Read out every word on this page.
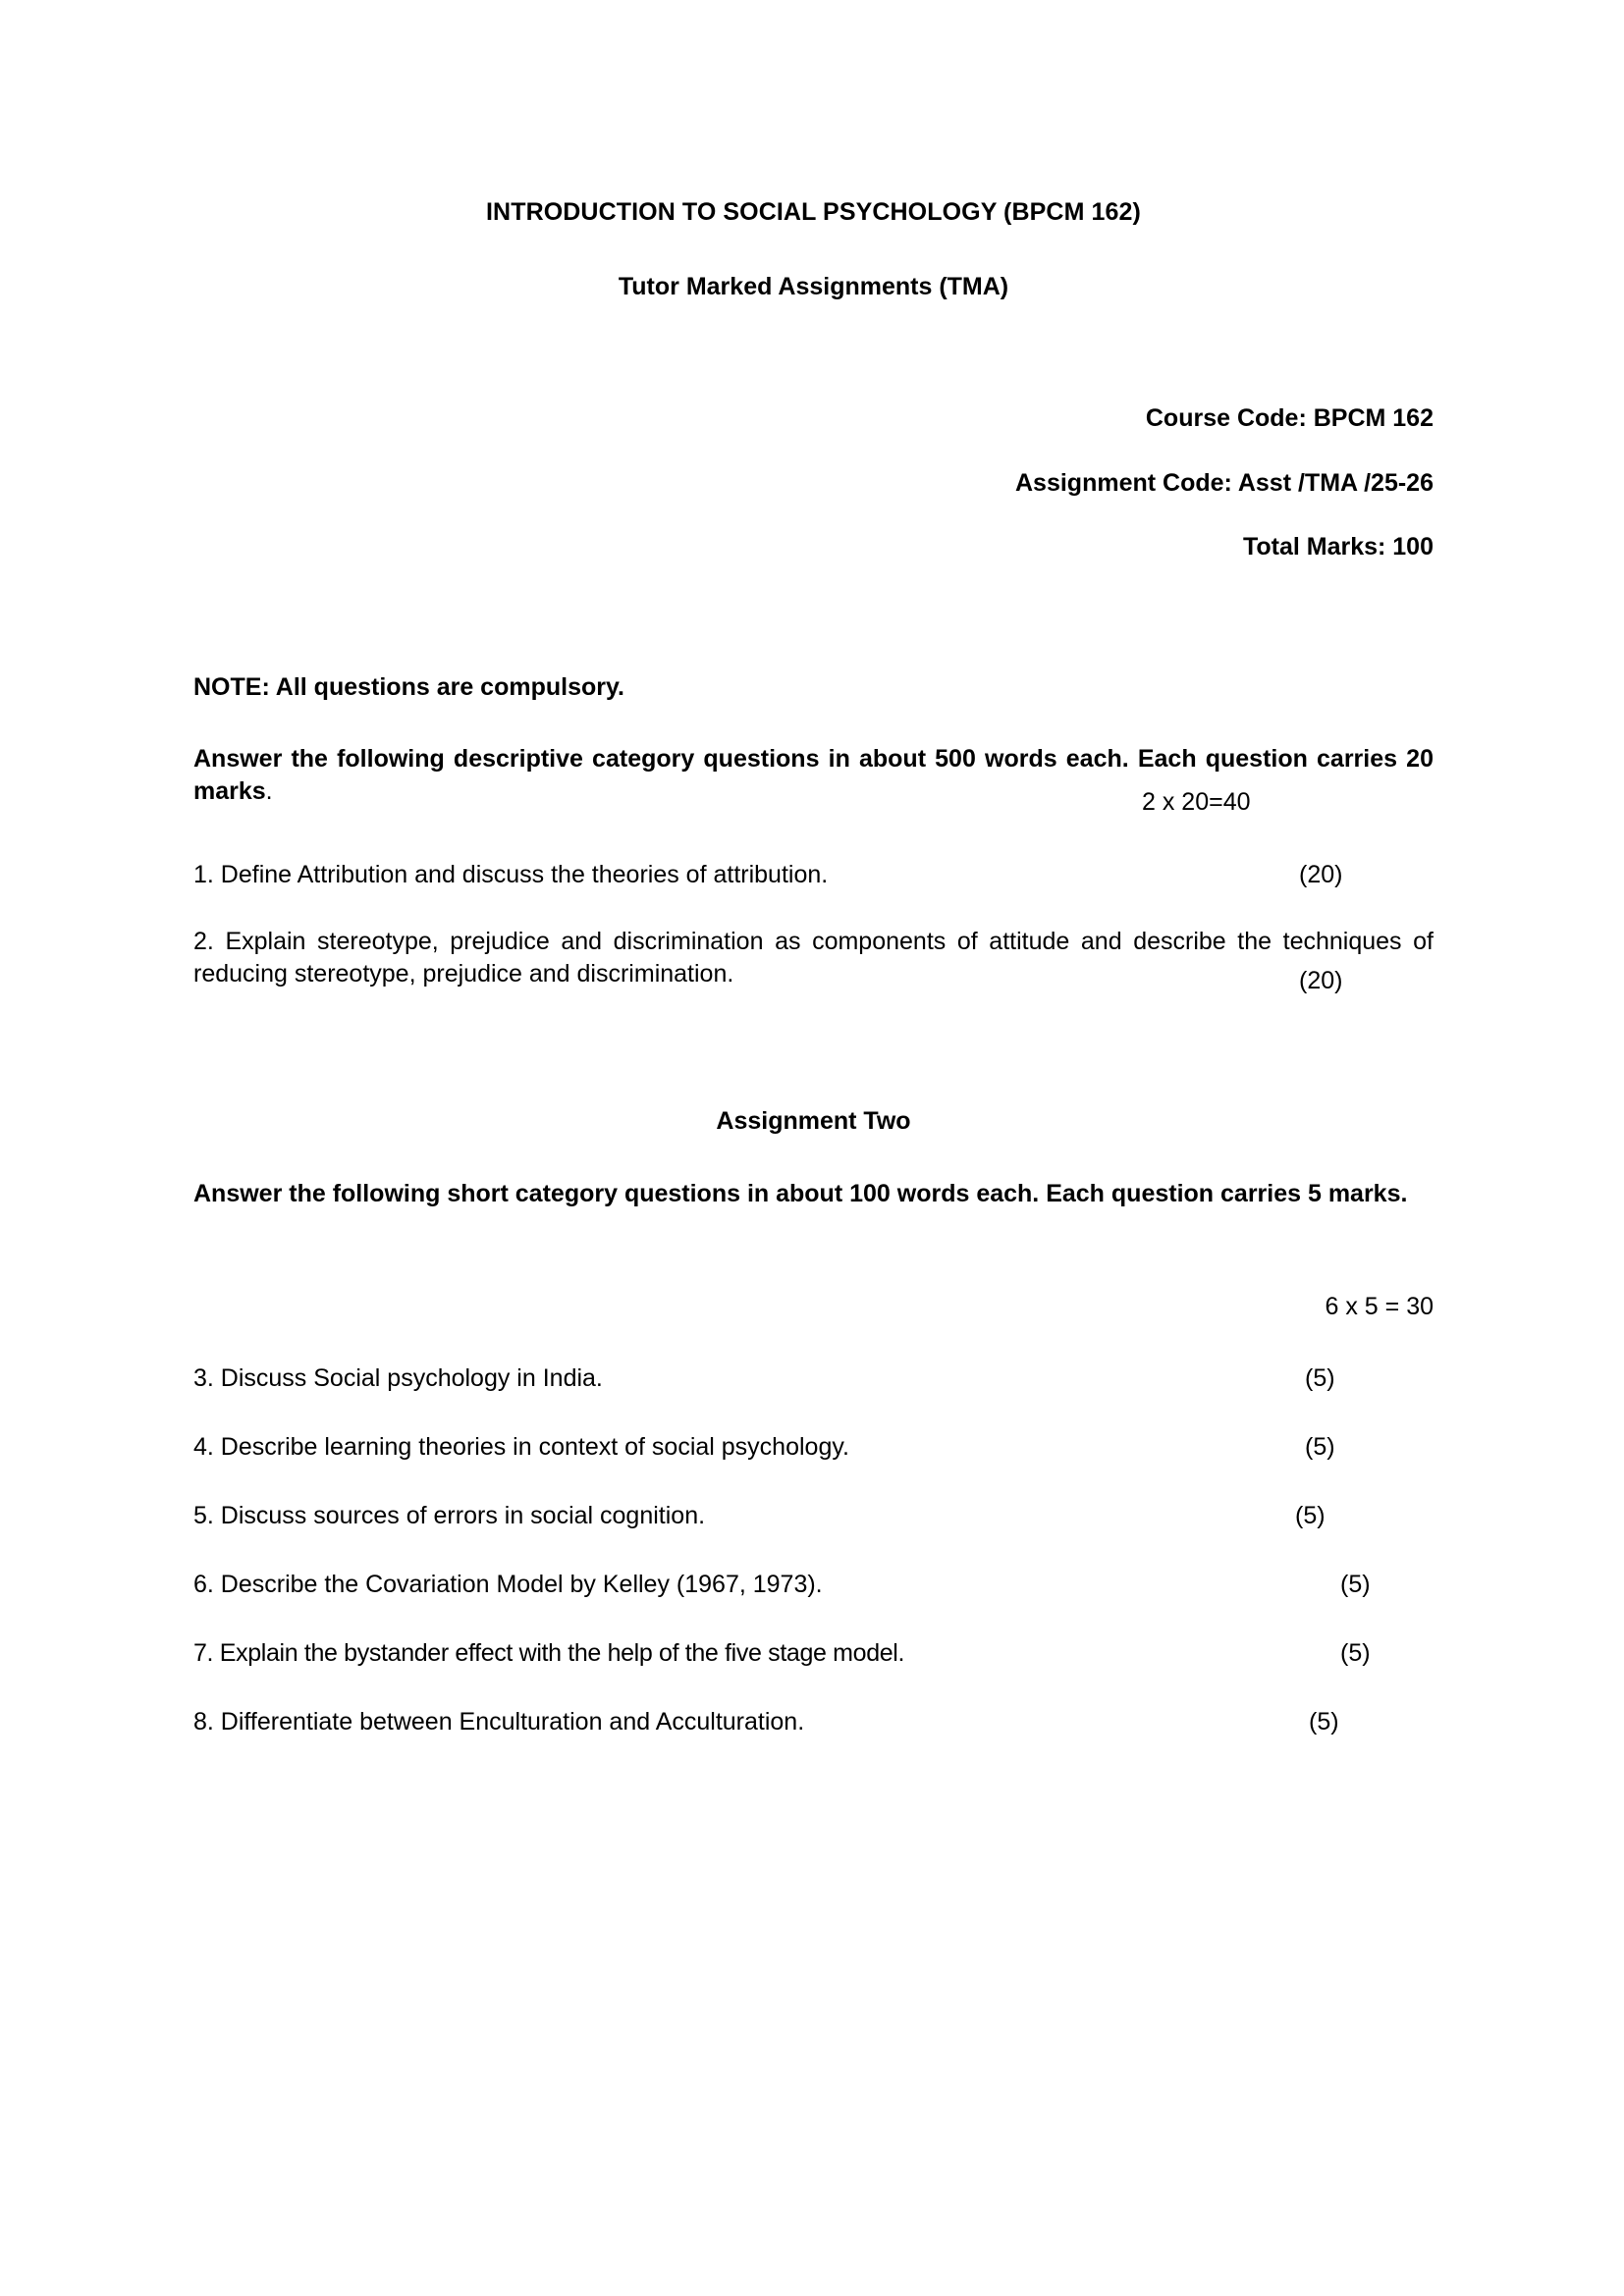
INTRODUCTION TO SOCIAL PSYCHOLOGY (BPCM 162)

Tutor Marked Assignments (TMA)

Course Code: BPCM 162

Assignment Code: Asst /TMA /25-26

Total Marks: 100

NOTE: All questions are compulsory.

Answer the following descriptive category questions in about 500 words each. Each question carries 20 marks.	2 x 20=40
1. Define Attribution and discuss the theories of attribution.	(20)

2. Explain stereotype, prejudice and discrimination as components of attitude and describe the techniques of reducing stereotype, prejudice and discrimination.	(20)

Assignment Two

Answer the following short category questions in about 100 words each. Each question carries 5 marks.

6 x 5 = 30
3. Discuss Social psychology in India.	(5)
4. Describe learning theories in context of social psychology.	(5)
5. Discuss sources of errors in social cognition.	(5)
6. Describe the Covariation Model by Kelley (1967, 1973).	(5)
7. Explain the bystander effect with the help of the five stage model.	(5)
8. Differentiate between Enculturation and Acculturation.	(5)
